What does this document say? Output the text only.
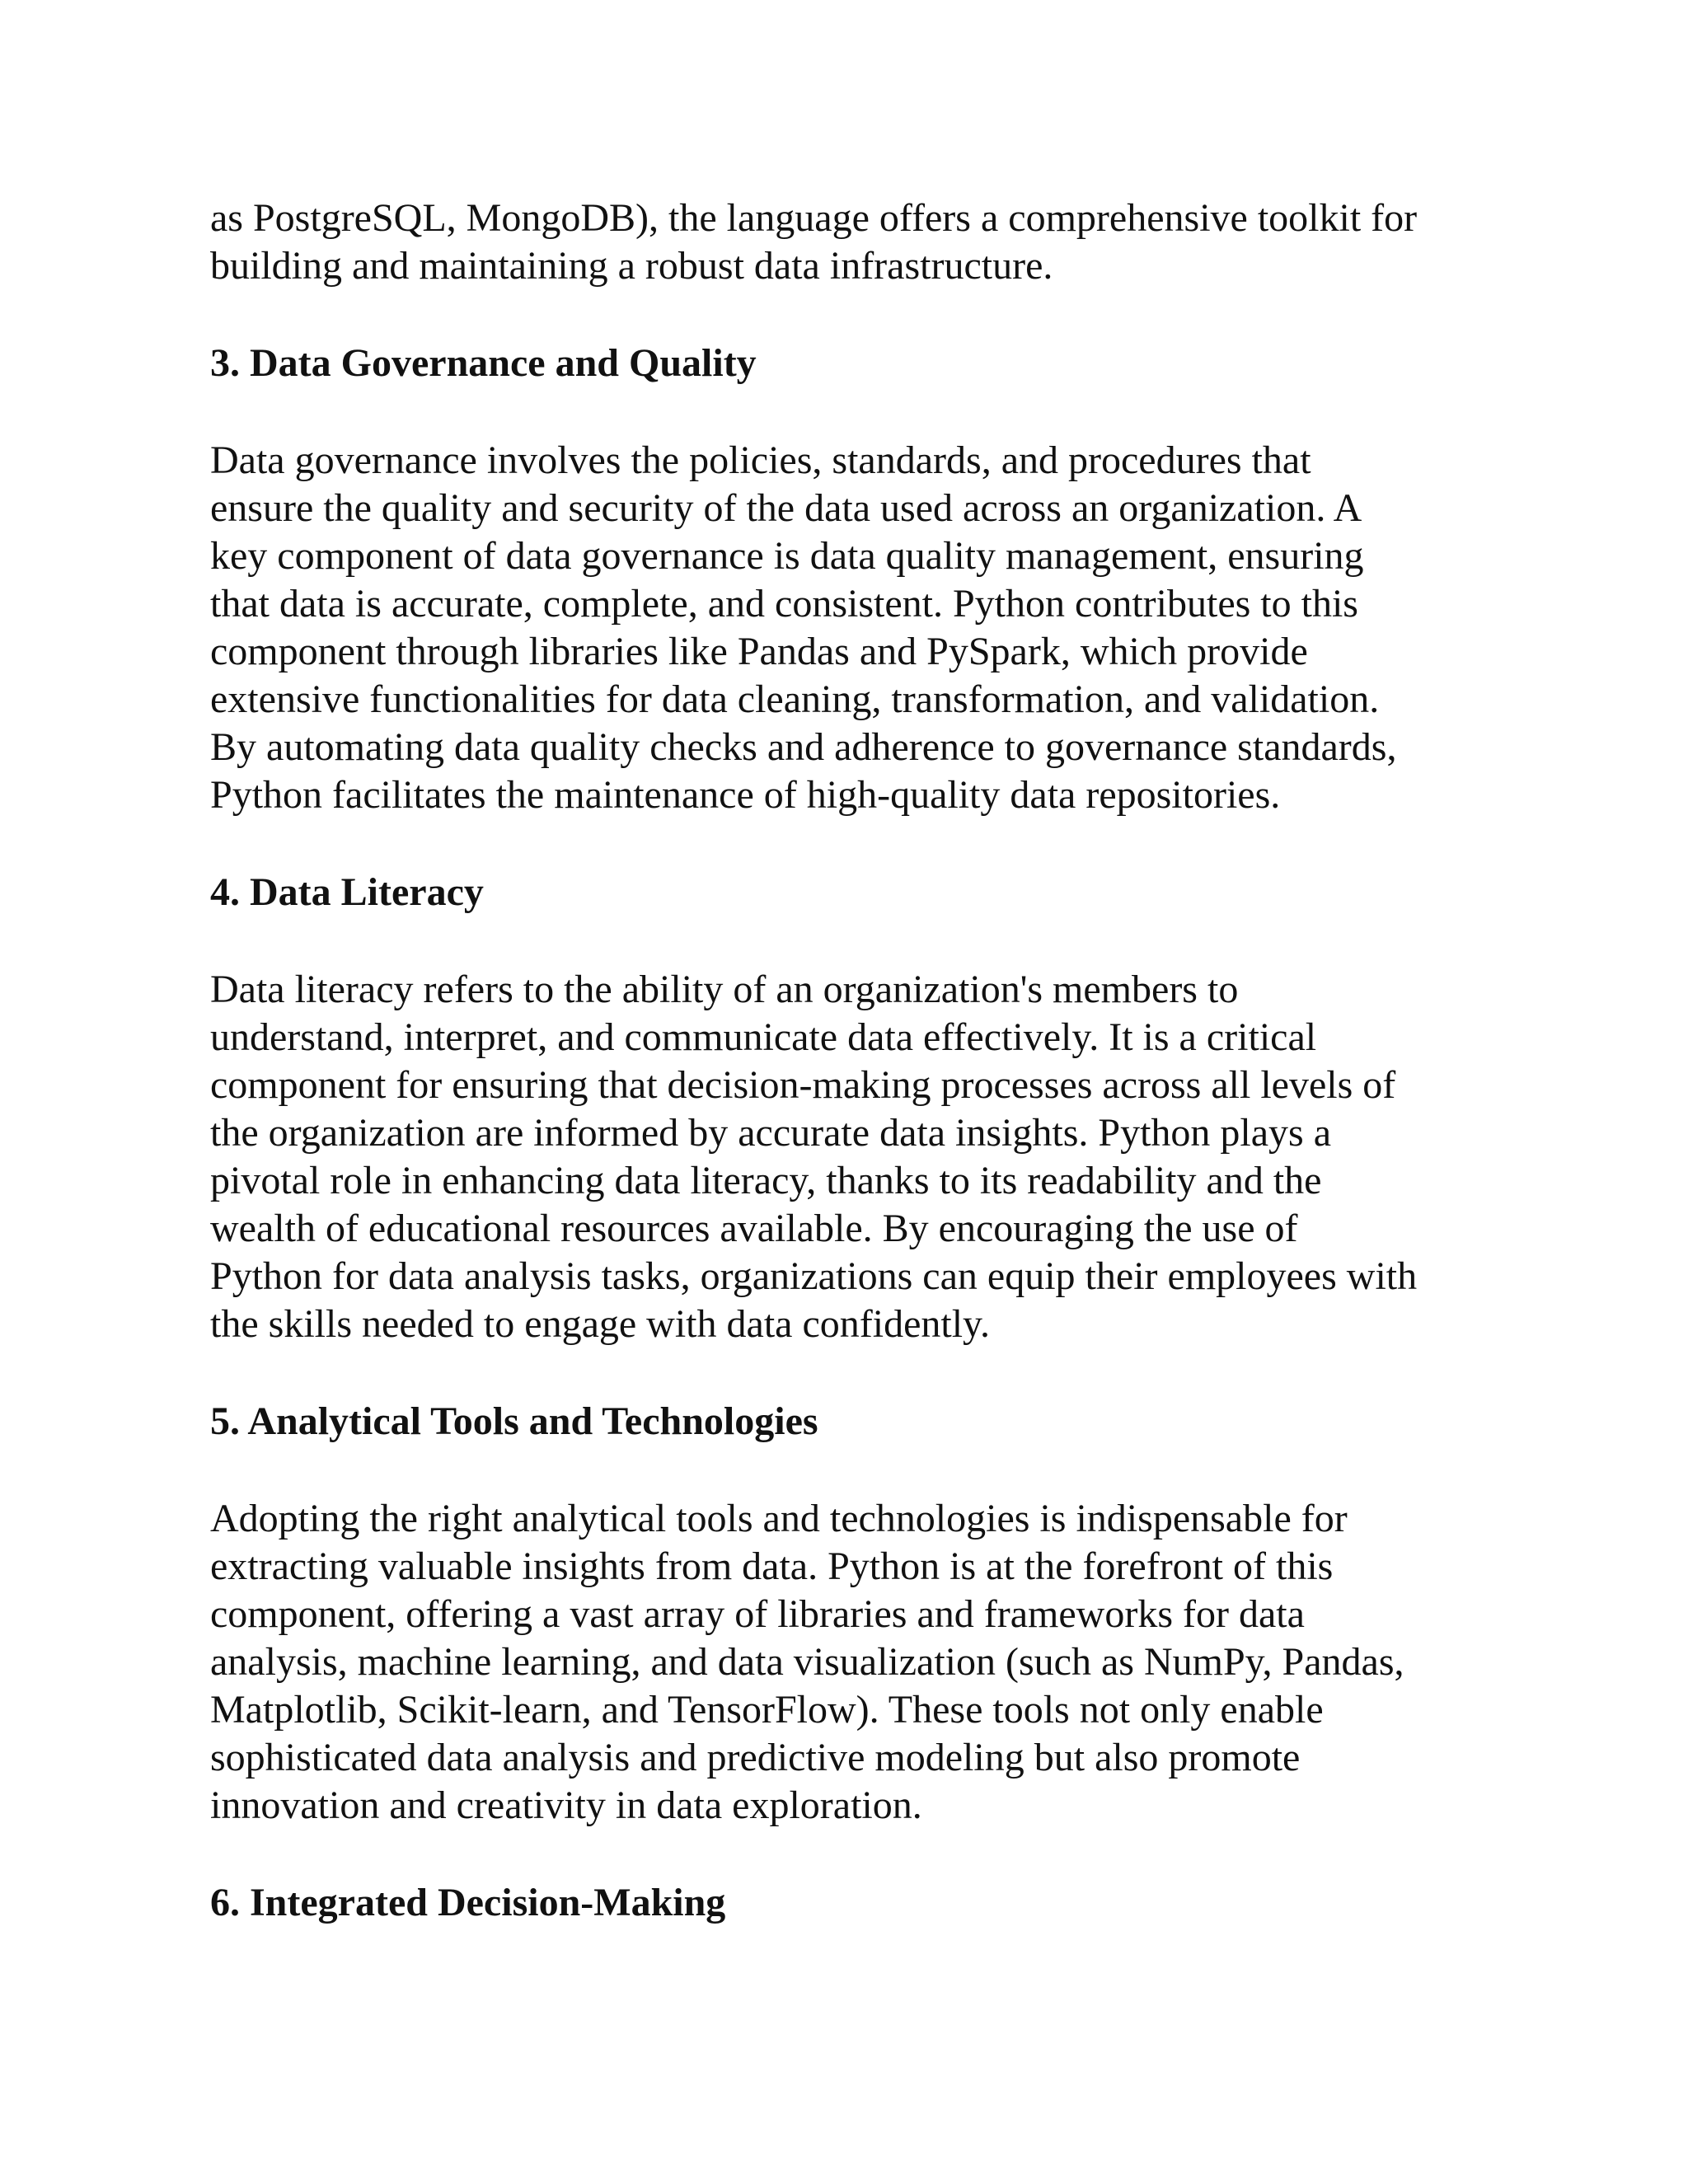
as PostgreSQL, MongoDB), the language offers a comprehensive toolkit for
building and maintaining a robust data infrastructure.

3. Data Governance and Quality

Data governance involves the policies, standards, and procedures that
ensure the quality and security of the data used across an organization. A
key component of data governance is data quality management, ensuring
that data is accurate, complete, and consistent. Python contributes to this
component through libraries like Pandas and PySpark, which provide
extensive functionalities for data cleaning, transformation, and validation.
By automating data quality checks and adherence to governance standards,
Python facilitates the maintenance of high-quality data repositories.

4. Data Literacy

Data literacy refers to the ability of an organization's members to
understand, interpret, and communicate data effectively. It is a critical
component for ensuring that decision-making processes across all levels of
the organization are informed by accurate data insights. Python plays a
pivotal role in enhancing data literacy, thanks to its readability and the
wealth of educational resources available. By encouraging the use of
Python for data analysis tasks, organizations can equip their employees with
the skills needed to engage with data confidently.

5. Analytical Tools and Technologies

Adopting the right analytical tools and technologies is indispensable for
extracting valuable insights from data. Python is at the forefront of this
component, offering a vast array of libraries and frameworks for data
analysis, machine learning, and data visualization (such as NumPy, Pandas,
Matplotlib, Scikit-learn, and TensorFlow). These tools not only enable
sophisticated data analysis and predictive modeling but also promote
innovation and creativity in data exploration.

6. Integrated Decision-Making
